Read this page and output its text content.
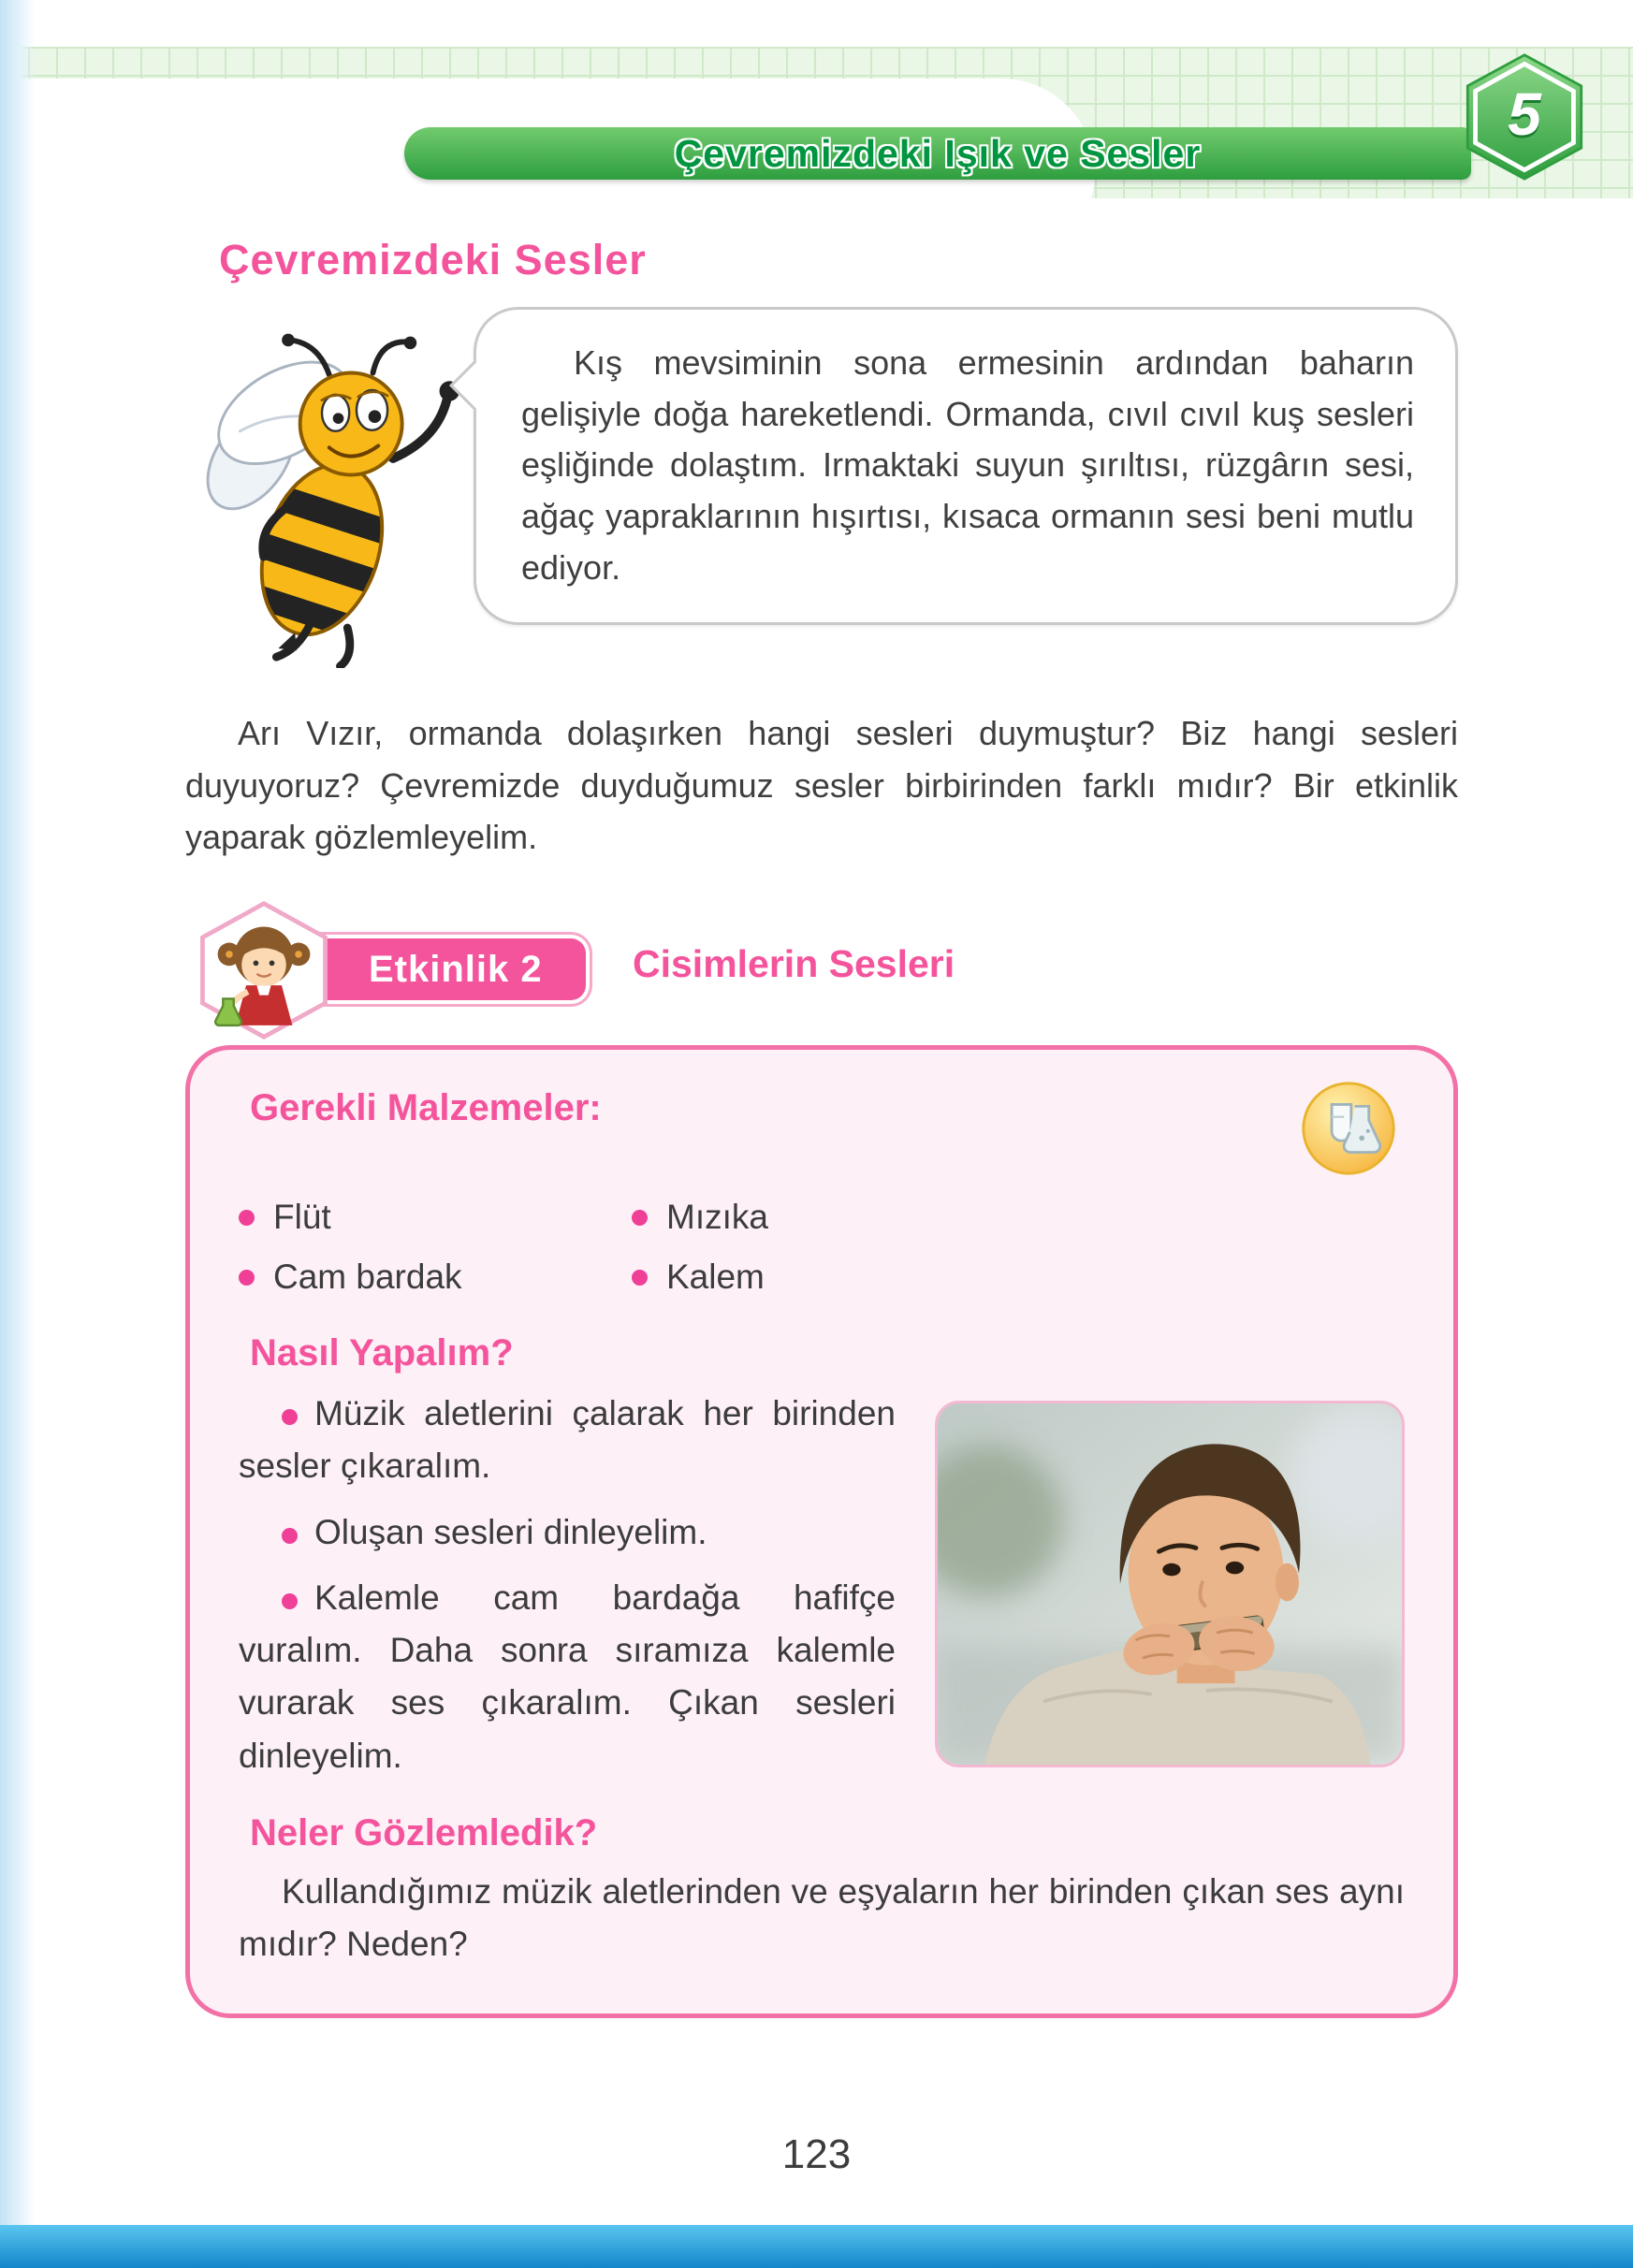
Çevremizdeki Işık ve Sesler
5
Çevremizdeki Sesler

Kış mevsiminin sona ermesinin ardından baharın gelişiyle doğa hareketlendi. Ormanda, cıvıl cıvıl kuş sesleri eşliğinde dolaştım. Irmaktaki suyun şırıltısı, rüzgârın sesi, ağaç yapraklarının hışırtısı, kısaca ormanın sesi beni mutlu ediyor.

Arı Vızır, ormanda dolaşırken hangi sesleri duymuştur? Biz hangi sesleri duyuyoruz? Çevremizde duyduğumuz sesler birbirinden farklı mıdır? Bir etkinlik yaparak gözlemleyelim.

Etkinlik 2 Cisimlerin Sesleri
Gerekli Malzemeler:
Flüt	Mızıka
Cam bardak	Kalem
Nasıl Yapalım?

Müzik aletlerini çalarak her birinden sesler çıkaralım.

Oluşan sesleri dinleyelim.

Kalemle cam bardağa hafifçe vuralım. Daha sonra sıramıza kalemle vurarak ses çıkaralım. Çıkan sesleri dinleyelim.

Neler Gözlemledik?

Kullandığımız müzik aletlerinden ve eşyaların her birinden çıkan ses aynı mıdır? Neden?

123
